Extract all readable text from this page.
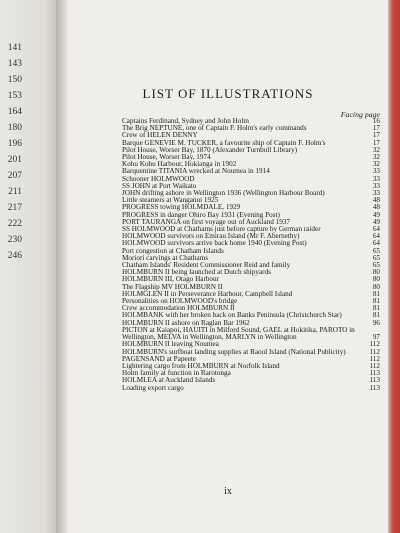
141
143
150
153
164
180
196
201
207
211
217
222
230
246
LIST OF ILLUSTRATIONS
Facing page
Captains Ferdinand, Sydney and John Holm	16
The Brig NEPTUNE, one of Captain F. Holm's early commands	17
Crew of HELEN DENNY	17
Barque GENEVIE M. TUCKER, a favourite ship of Captain F. Holm's	17
Pilot House, Worser Bay, 1870 (Alexander Turnbull Library)	32
Pilot House, Worser Bay, 1974	32
Kohu Kohu Harbour, Hokianga in 1902	32
Barquentine TITANIA wrecked at Noumea in 1914	33
Schooner HOLMWOOD	33
SS JOHN at Port Waikato	33
JOHN drifting ashore in Wellington 1936 (Wellington Harbour Board)	33
Little steamers at Wanganui 1925	48
PROGRESS towing HOLMDALE, 1929	48
PROGRESS in danger Ohiro Bay 1931 (Evening Post)	49
PORT TAURANGA on first voyage out of Auckland 1937	49
SS HOLMWOOD at Chathams just before capture by German raider	64
HOLMWOOD survivors on Emirau Island (Mr F. Abernethy)	64
HOLMWOOD survivors arrive back home 1940 (Evening Post)	64
Port congestion at Chatham Islands	65
Moriori carvings at Chathams	65
Chatham Islands' Resident Commissioner Reid and family	65
HOLMBURN II being launched at Dutch shipyards	80
HOLMBURN III, Otago Harbour	80
The Flagship MV HOLMBURN II	80
HOLMGLEN II in Perseverance Harbour, Campbell Island	81
Personalities on HOLMWOOD's bridge	81
Crew accommodation HOLMBURN II	81
HOLMBANK with her broken back on Banks Peninsula (Christchurch Star)	81
HOLMBURN II ashore on Raglan Bar 1962	96
PICTON at Kaiapoi, HAUITI in Milford Sound, GAEL at Hokitika, PAROTO in Wellington, MELVA in Wellington, MARLYN in Wellington	97
HOLMBURN II leaving Noumea	112
HOLMBURN's surfboat landing supplies at Raoul Island (National Publicity)	112
PAGENSAND at Papeete	112
Lightering cargo from HOLMBURN at Norfolk Island	112
Holm family at function in Rarotonga	113
HOLMLEA at Auckland Islands	113
Loading export cargo	113
ix
